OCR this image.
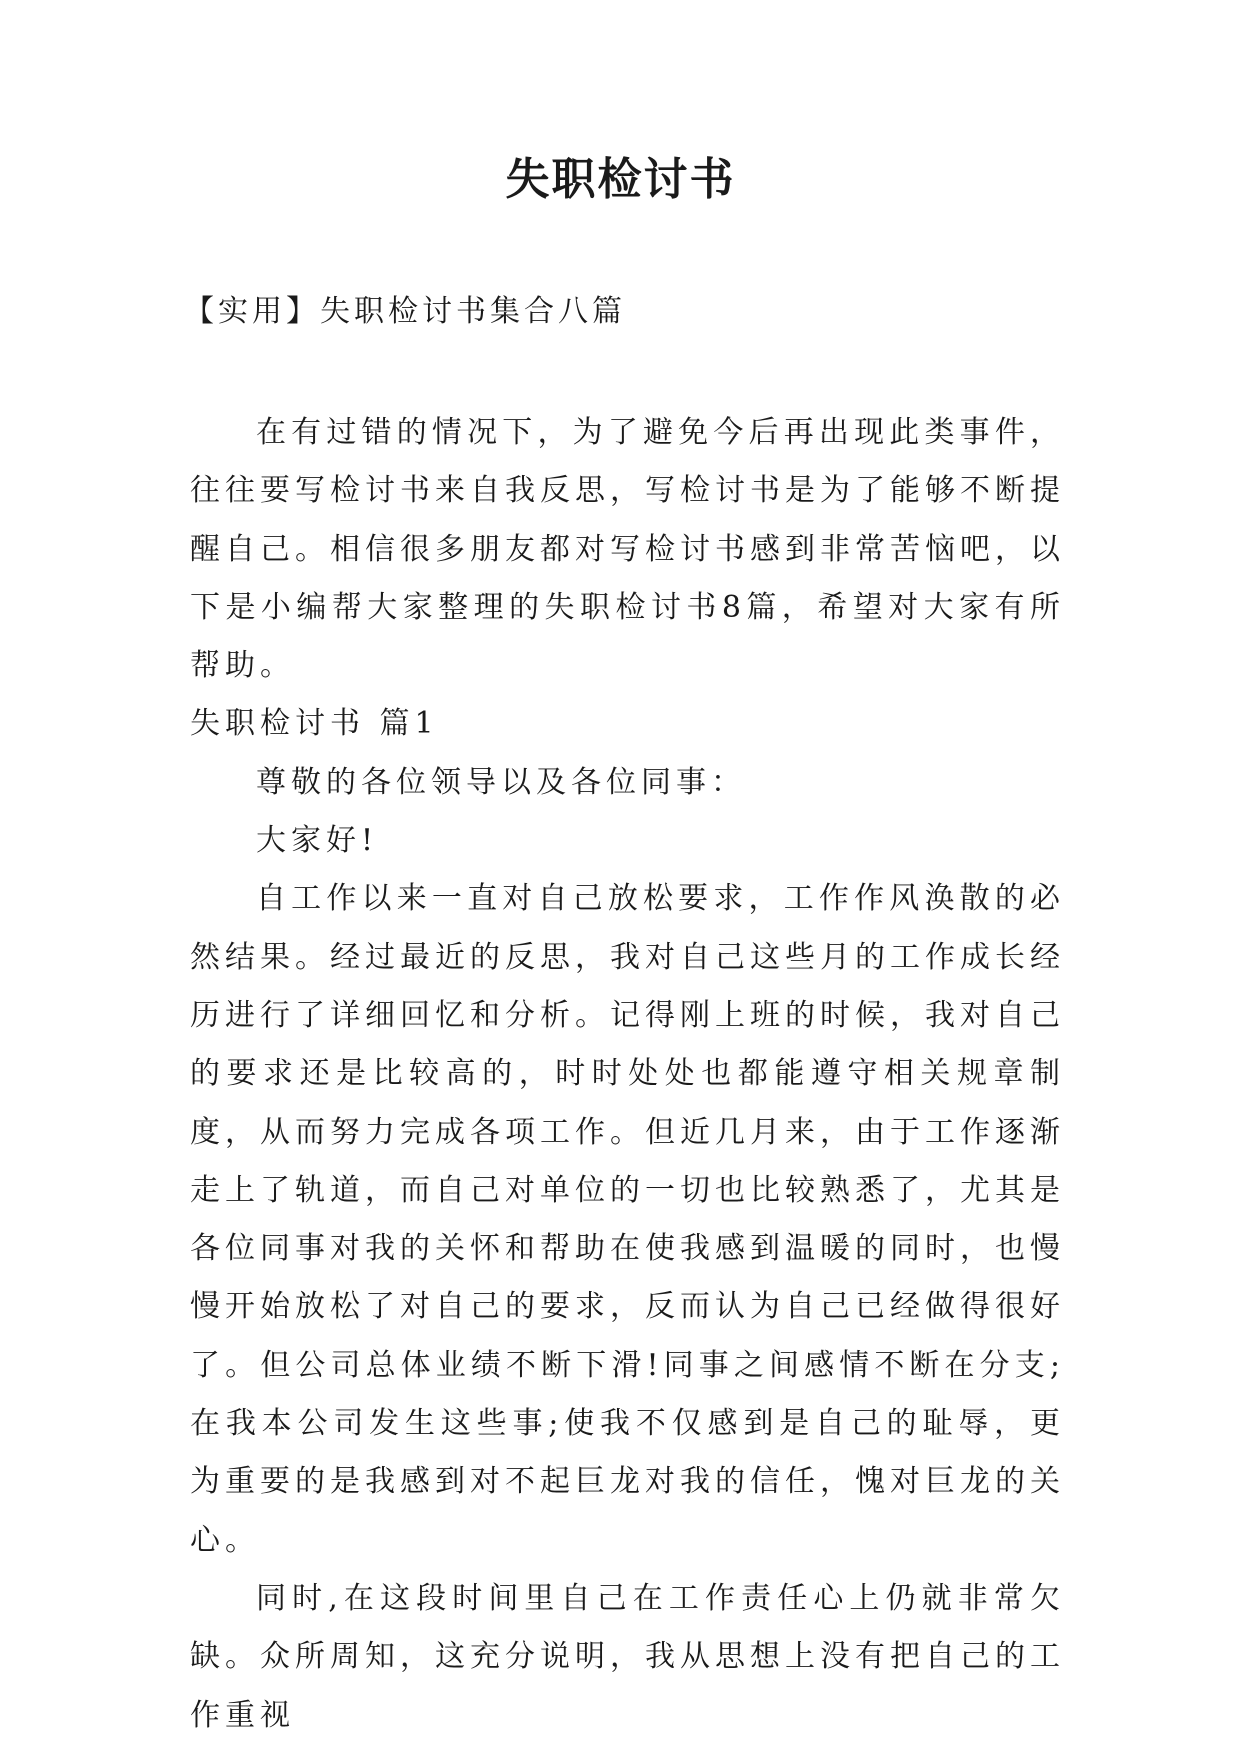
失职检讨书
【实用】失职检讨书集合八篇

在有过错的情况下，为了避免今后再出现此类事件，往往要写检讨书来自我反思，写检讨书是为了能够不断提醒自己。相信很多朋友都对写检讨书感到非常苦恼吧，以下是小编帮大家整理的失职检讨书8篇，希望对大家有所帮助。

失职检讨书 篇1

尊敬的各位领导以及各位同事：

大家好!

自工作以来一直对自己放松要求，工作作风涣散的必然结果。经过最近的反思，我对自己这些月的工作成长经历进行了详细回忆和分析。记得刚上班的时候，我对自己的要求还是比较高的，时时处处也都能遵守相关规章制度，从而努力完成各项工作。但近几月来，由于工作逐渐走上了轨道，而自己对单位的一切也比较熟悉了，尤其是各位同事对我的关怀和帮助在使我感到温暖的同时，也慢慢开始放松了对自己的要求，反而认为自己已经做得很好了。但公司总体业绩不断下滑!同事之间感情不断在分支;在我本公司发生这些事;使我不仅感到是自己的耻辱，更为重要的是我感到对不起巨龙对我的信任，愧对巨龙的关心。

同时,在这段时间里自己在工作责任心上仍就非常欠缺。众所周知，这充分说明，我从思想上没有把自己的工作重视
